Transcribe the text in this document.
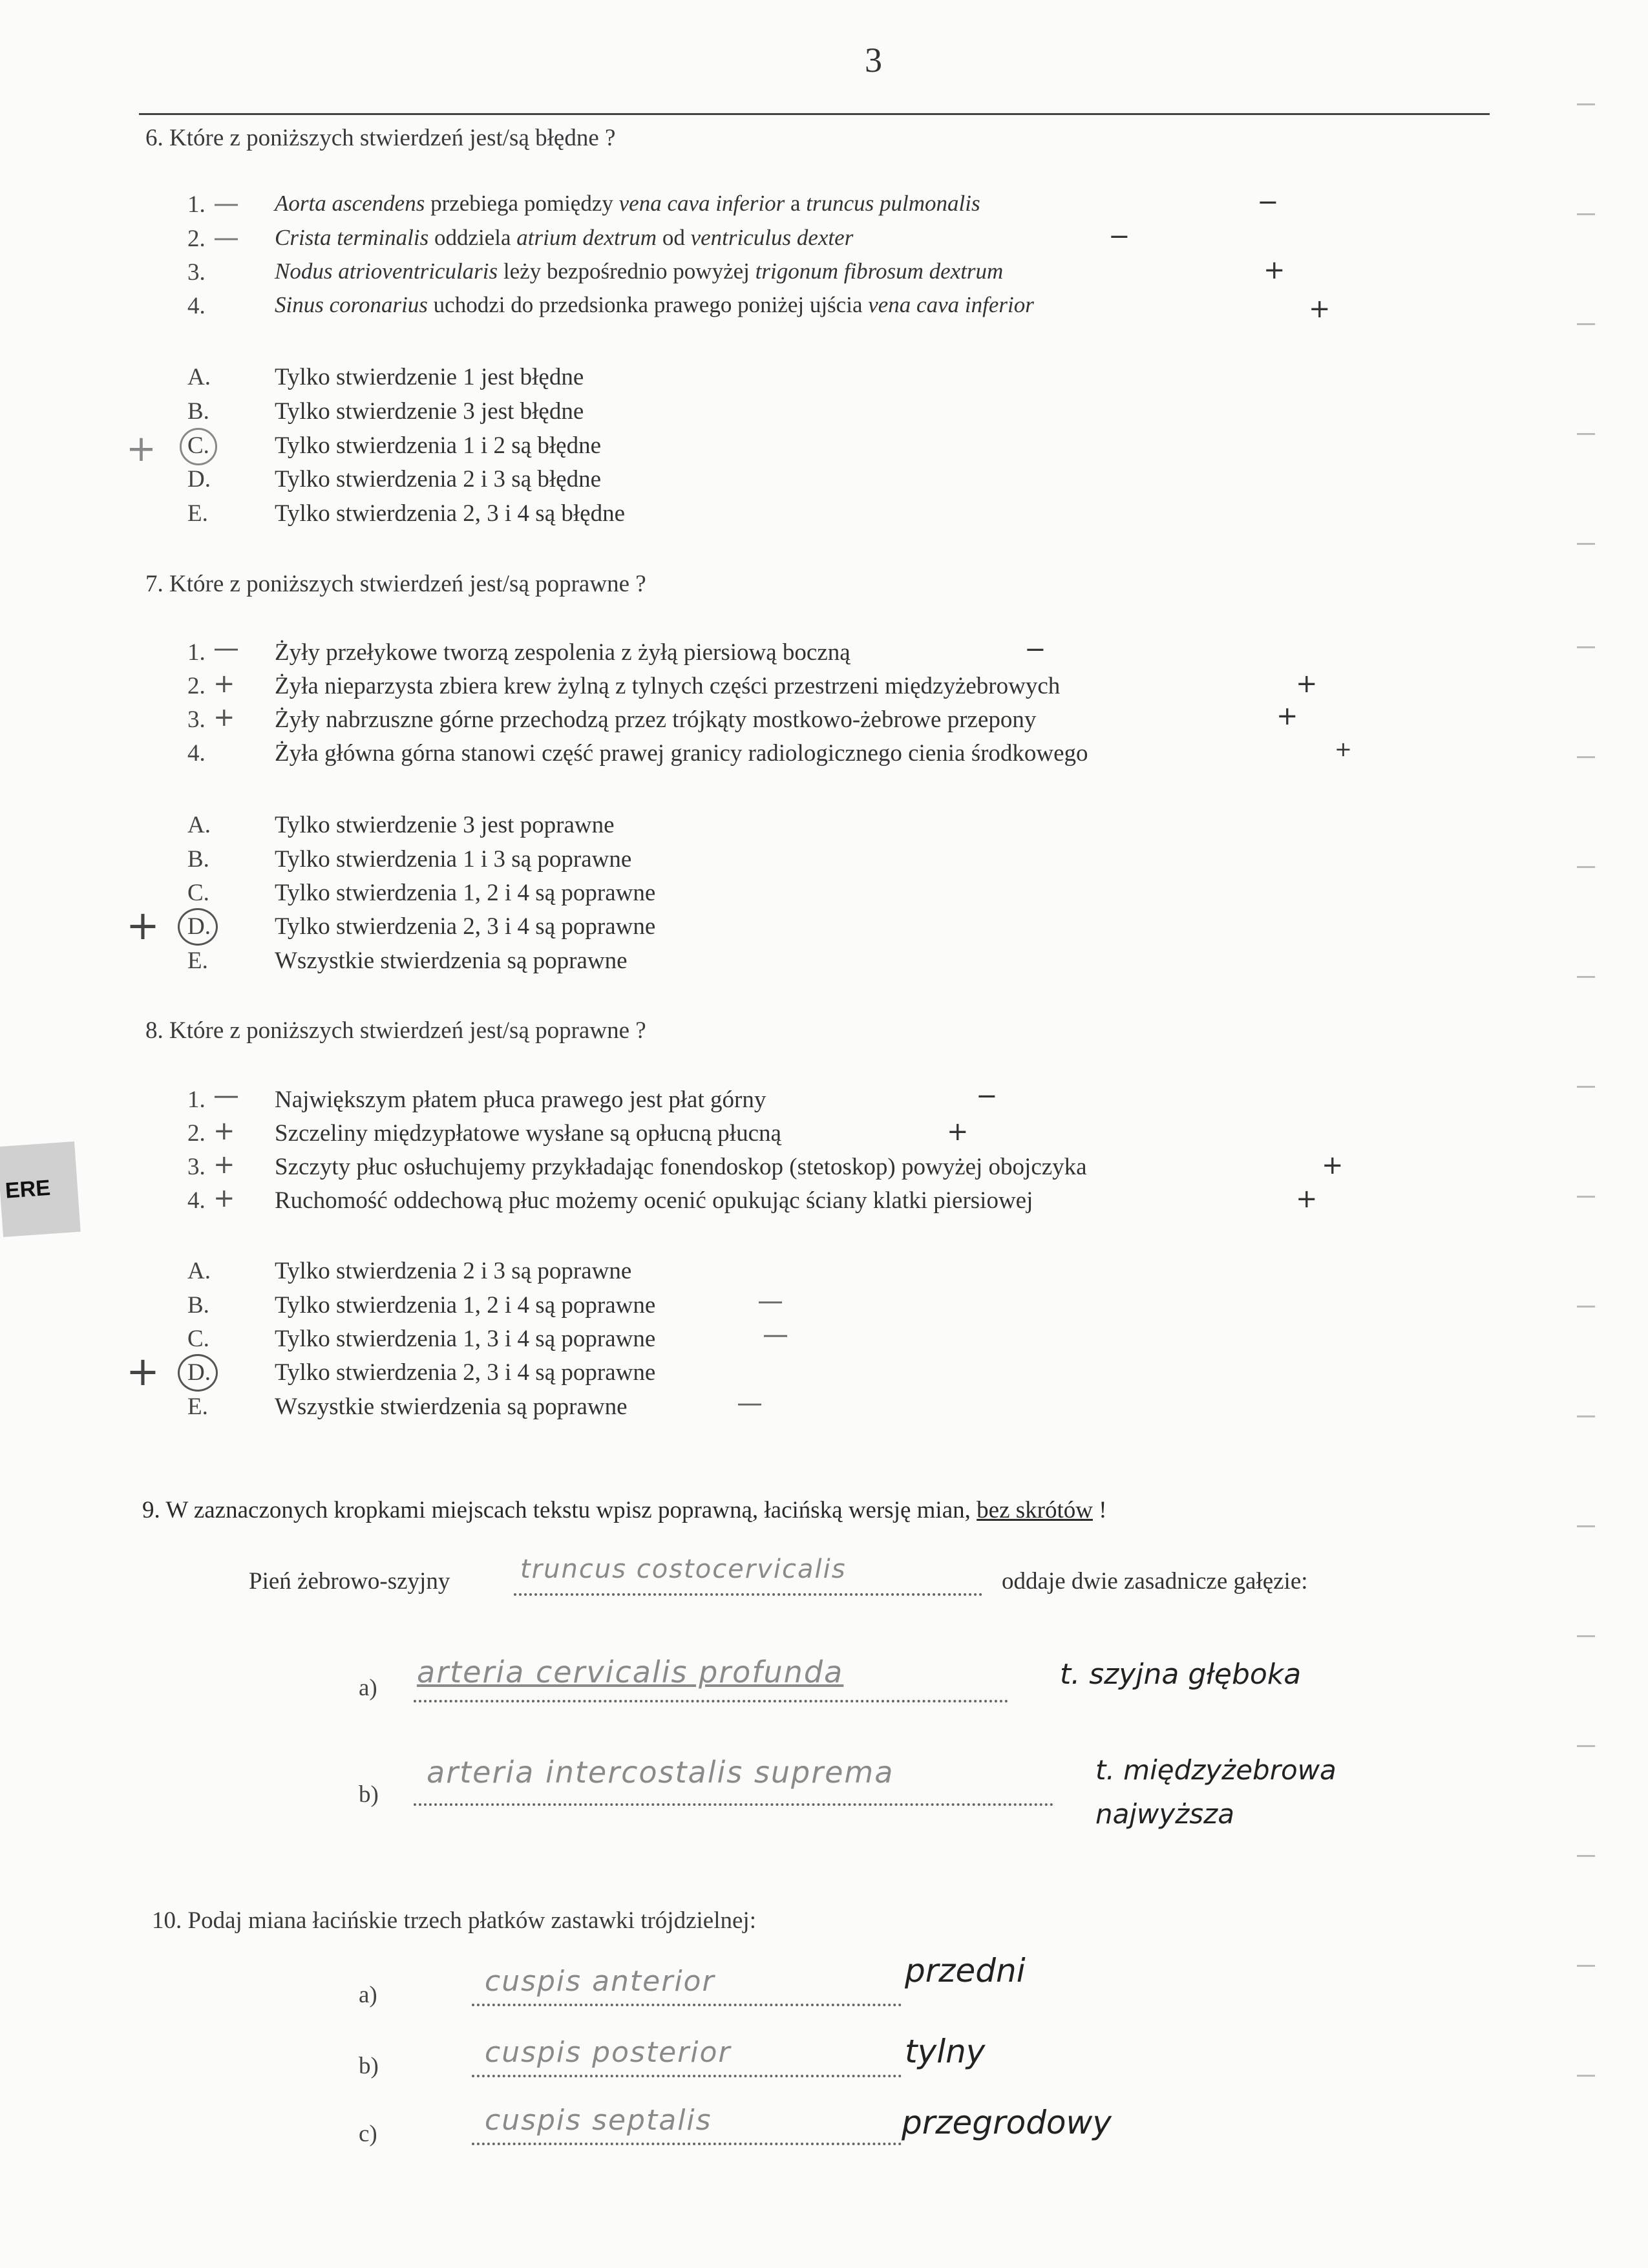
3
ERE
6. Które z poniższych stwierdzeń jest/są błędne ?
1. — Aorta ascendens przebiega pomiędzy vena cava inferior a truncus pulmonalis	−
2. — Crista terminalis oddziela atrium dextrum od ventriculus dexter	−
3.	Nodus atrioventricularis leży bezpośrednio powyżej trigonum fibrosum dextrum	+
4.	Sinus coronarius uchodzi do przedsionka prawego poniżej ujścia vena cava inferior	+
A.	Tylko stwierdzenie 1 jest błędne
B.	Tylko stwierdzenie 3 jest błędne
+ C.	Tylko stwierdzenia 1 i 2 są błędne
D.	Tylko stwierdzenia 2 i 3 są błędne
E.	Tylko stwierdzenia 2, 3 i 4 są błędne
7. Które z poniższych stwierdzeń jest/są poprawne ?
1. — Żyły przełykowe tworzą zespolenia z żyłą piersiową boczną	−
2. + Żyła nieparzysta zbiera krew żylną z tylnych części przestrzeni międzyżebrowych	+
3. + Żyły nabrzuszne górne przechodzą przez trójkąty mostkowo-żebrowe przepony	+
4.	Żyła główna górna stanowi część prawej granicy radiologicznego cienia środkowego	+
A.	Tylko stwierdzenie 3 jest poprawne
B.	Tylko stwierdzenia 1 i 3 są poprawne
C.	Tylko stwierdzenia 1, 2 i 4 są poprawne
+ D.	Tylko stwierdzenia 2, 3 i 4 są poprawne
E.	Wszystkie stwierdzenia są poprawne
8. Które z poniższych stwierdzeń jest/są poprawne ?
1. — Największym płatem płuca prawego jest płat górny	−
2. + Szczeliny międzypłatowe wysłane są opłucną płucną	+
3. + Szczyty płuc osłuchujemy przykładając fonendoskop (stetoskop) powyżej obojczyka	+
4. + Ruchomość oddechową płuc możemy ocenić opukując ściany klatki piersiowej	+
A.	Tylko stwierdzenia 2 i 3 są poprawne
B.	Tylko stwierdzenia 1, 2 i 4 są poprawne	—
C.	Tylko stwierdzenia 1, 3 i 4 są poprawne	—
+ D.	Tylko stwierdzenia 2, 3 i 4 są poprawne
E.	Wszystkie stwierdzenia są poprawne	—
9. W zaznaczonych kropkami miejscach tekstu wpisz poprawną, łacińską wersję mian, bez skrótów !
Pień żebrowo-szyjny	truncus costocervicalis	oddaje dwie zasadnicze gałęzie:
a) arteria cervicalis profunda	t. szyjna głęboka
b)
arteria intercostalis suprema	t. międzyżebrowa najwyższa
10. Podaj miana łacińskie trzech płatków zastawki trójdzielnej:
a)	cuspis anterior	przedni
b)	cuspis posterior	tylny
c)	cuspis septalis	przegrodowy
